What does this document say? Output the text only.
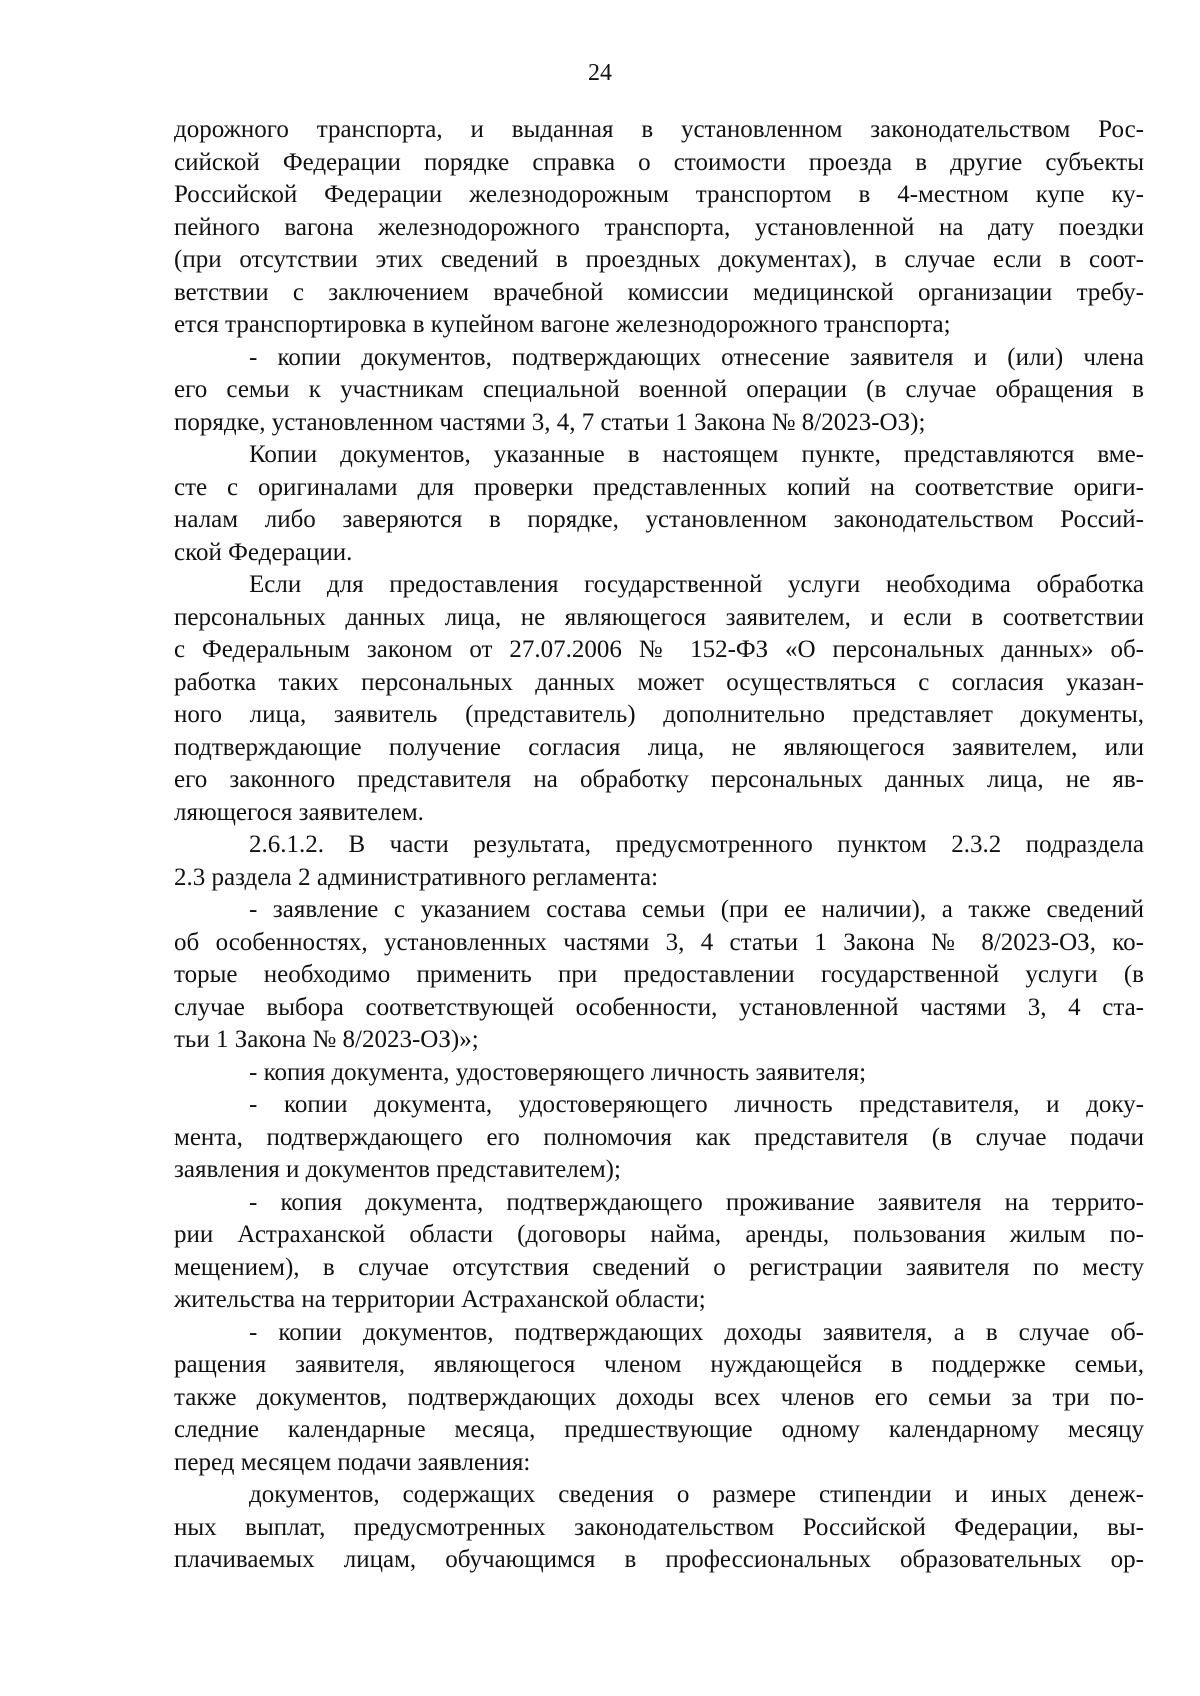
24
дорожного транспорта, и выданная в установленном законодательством Рос-
сийской Федерации порядке справка о стоимости проезда в другие субъекты
Российской Федерации железнодорожным транспортом в 4-местном купе ку-
пейного вагона железнодорожного транспорта, установленной на дату поездки
(при отсутствии этих сведений в проездных документах), в случае если в соот-
ветствии с заключением врачебной комиссии медицинской организации требу-
ется транспортировка в купейном вагоне железнодорожного транспорта;
- копии документов, подтверждающих отнесение заявителя и (или) члена
его семьи к участникам специальной военной операции (в случае обращения в
порядке, установленном частями 3, 4, 7 статьи 1 Закона № 8/2023-ОЗ);
Копии документов, указанные в настоящем пункте, представляются вме-
сте с оригиналами для проверки представленных копий на соответствие ориги-
налам либо заверяются в порядке, установленном законодательством Россий-
ской Федерации.
Если для предоставления государственной услуги необходима обработка
персональных данных лица, не являющегося заявителем, и если в соответствии
с Федеральным законом от 27.07.2006 № 152-ФЗ «О персональных данных» об-
работка таких персональных данных может осуществляться с согласия указан-
ного лица, заявитель (представитель) дополнительно представляет документы,
подтверждающие получение согласия лица, не являющегося заявителем, или
его законного представителя на обработку персональных данных лица, не яв-
ляющегося заявителем.
2.6.1.2. В части результата, предусмотренного пунктом 2.3.2 подраздела
2.3 раздела 2 административного регламента:
- заявление с указанием состава семьи (при ее наличии), а также сведений
об особенностях, установленных частями 3, 4 статьи 1 Закона № 8/2023-ОЗ, ко-
торые необходимо применить при предоставлении государственной услуги (в
случае выбора соответствующей особенности, установленной частями 3, 4 ста-
тьи 1 Закона № 8/2023-ОЗ)»;
- копия документа, удостоверяющего личность заявителя;
- копии документа, удостоверяющего личность представителя, и доку-
мента, подтверждающего его полномочия как представителя (в случае подачи
заявления и документов представителем);
- копия документа, подтверждающего проживание заявителя на террито-
рии Астраханской области (договоры найма, аренды, пользования жилым по-
мещением), в случае отсутствия сведений о регистрации заявителя по месту
жительства на территории Астраханской области;
- копии документов, подтверждающих доходы заявителя, а в случае об-
ращения заявителя, являющегося членом нуждающейся в поддержке семьи,
также документов, подтверждающих доходы всех членов его семьи за три по-
следние календарные месяца, предшествующие одному календарному месяцу
перед месяцем подачи заявления:
документов, содержащих сведения о размере стипендии и иных денеж-
ных выплат, предусмотренных законодательством Российской Федерации, вы-
плачиваемых лицам, обучающимся в профессиональных образовательных ор-
